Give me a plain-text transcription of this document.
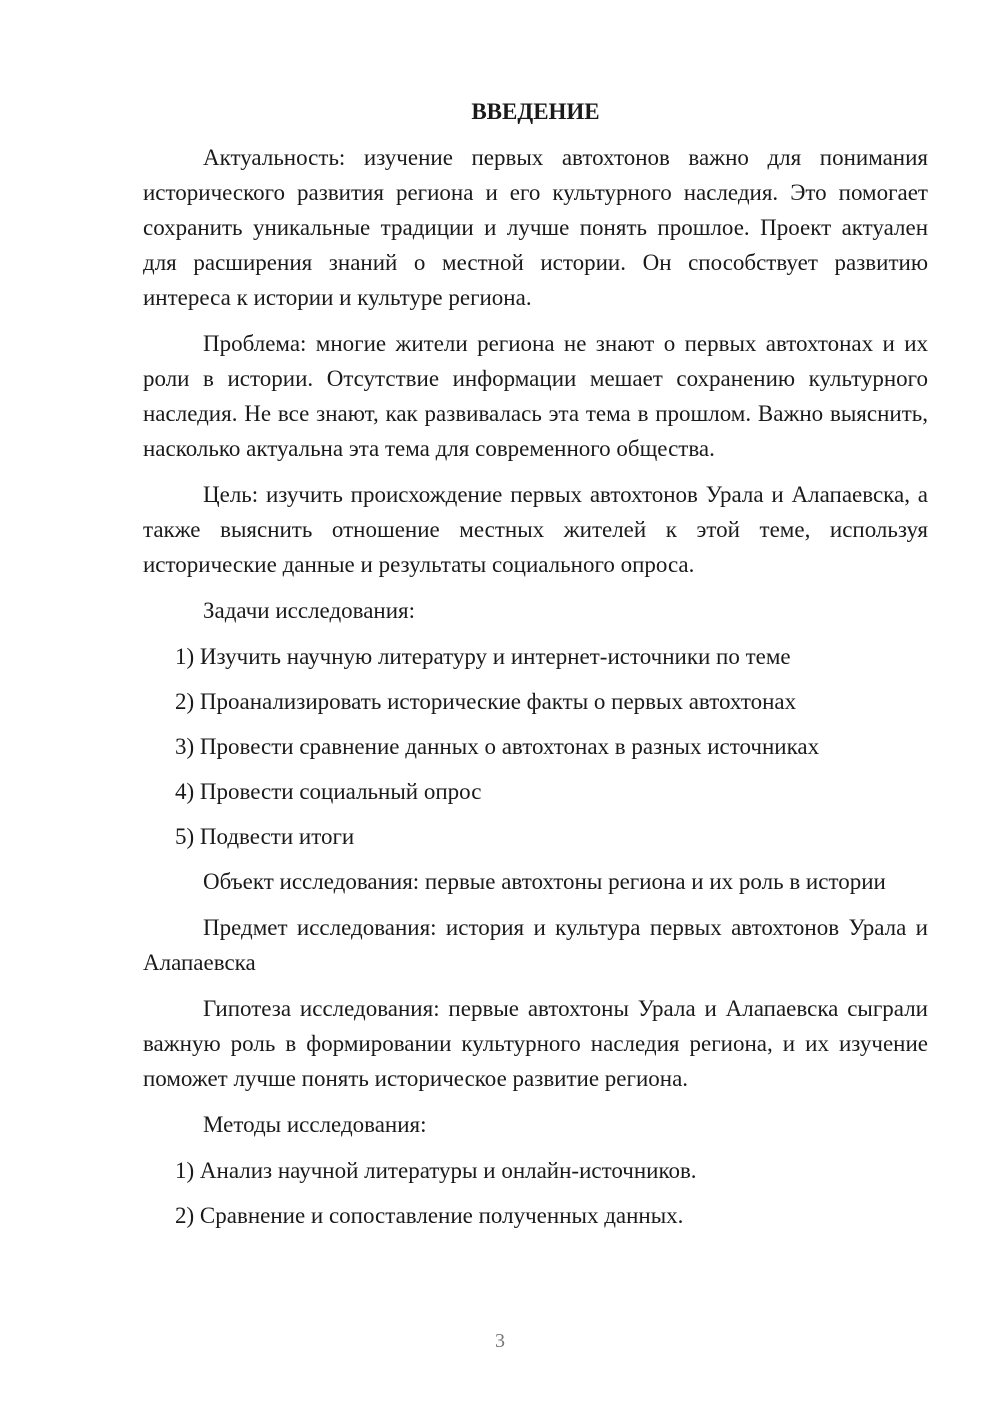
ВВЕДЕНИЕ

Актуальность: изучение первых автохтонов важно для понимания исторического развития региона и его культурного наследия. Это помогает сохранить уникальные традиции и лучше понять прошлое. Проект актуален для расширения знаний о местной истории. Он способствует развитию интереса к истории и культуре региона.

Проблема: многие жители региона не знают о первых автохтонах и их роли в истории. Отсутствие информации мешает сохранению культурного наследия. Не все знают, как развивалась эта тема в прошлом. Важно выяснить, насколько актуальна эта тема для современного общества.

Цель: изучить происхождение первых автохтонов Урала и Алапаевска, а также выяснить отношение местных жителей к этой теме, используя исторические данные и результаты социального опроса.

Задачи исследования:

1) Изучить научную литературу и интернет-источники по теме
2) Проанализировать исторические факты о первых автохтонах
3) Провести сравнение данных о автохтонах в разных источниках
4) Провести социальный опрос
5) Подвести итоги

Объект исследования: первые автохтоны региона и их роль в истории

Предмет исследования: история и культура первых автохтонов Урала и Алапаевска

Гипотеза исследования: первые автохтоны Урала и Алапаевска сыграли важную роль в формировании культурного наследия региона, и их изучение поможет лучше понять историческое развитие региона.

Методы исследования:

1) Анализ научной литературы и онлайн-источников.
2) Сравнение и сопоставление полученных данных.
3
